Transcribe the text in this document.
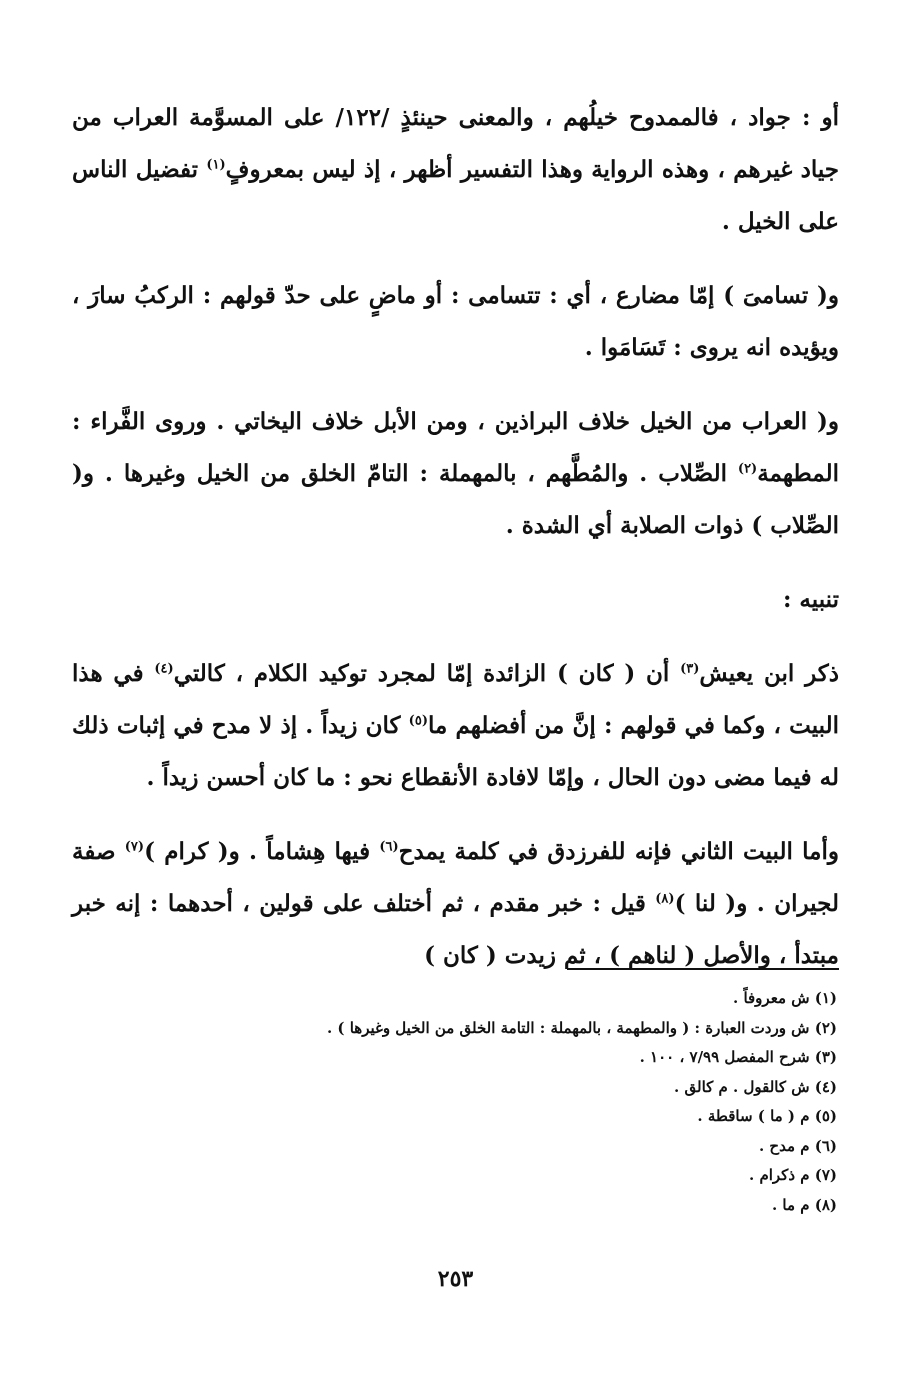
أو : جواد ، فالممدوح خيلُهم ، والمعنى حينئذٍ /١٢٢/ على المسوَّمة العراب من جياد غيرهم ، وهذه الرواية وهذا التفسير أظهر ، إذ ليس بمعروفٍ$^{(١)}$ تفضيل الناس على الخيل .

و( تسامىَ ) إمّا مضارع ، أي : تتسامى : أو ماضٍ على حدّ قولهم : الركبُ سارَ ، ويؤيده انه يروى : تَسَامَوا .

و( العراب من الخيل خلاف البراذين ، ومن الأبل خلاف اليخاتي . وروى الفَّراء : المطهمة$^{(٢)}$ الصِّلاب . والمُطَّهم ، بالمهملة : التامّ الخلق من الخيل وغيرها . و( الصِّلاب ) ذوات الصلابة أي الشدة .

تنبيه :

ذكر ابن يعيش$^{(٣)}$ أن ( كان ) الزائدة إمّا لمجرد توكيد الكلام ، كالتي$^{(٤)}$ في هذا البيت ، وكما في قولهم : إنَّ من أفضلهم ما$^{(٥)}$ كان زيداً . إذ لا مدح في إثبات ذلك له فيما مضى دون الحال ، وإمّا لافادة الأنقطاع نحو : ما كان أحسن زيداً .

وأما البيت الثاني فإنه للفرزدق في كلمة يمدح$^{(٦)}$ فيها هِشاماً . و( كرام )$^{(٧)}$ صفة لجيران . و( لنا )$^{(٨)}$ قيل : خبر مقدم ، ثم أختلف على قولين ، أحدهما : إنه خبر مبتدأ ، والأصل ( لناهم ) ، ثم زيدت ( كان )

(١) ش معروفاً .
(٢) ش وردت العبارة : ( والمطهمة ، بالمهملة : التامة الخلق من الخيل وغيرها ) .
(٣) شرح المفصل ٧/٩٩ ، ١٠٠ .
(٤) ش كالقول . م كالق .
(٥) م ( ما ) ساقطة .
(٦) م مدح .
(٧) م ذكرام .
(٨) م ما .
٢٥٣
